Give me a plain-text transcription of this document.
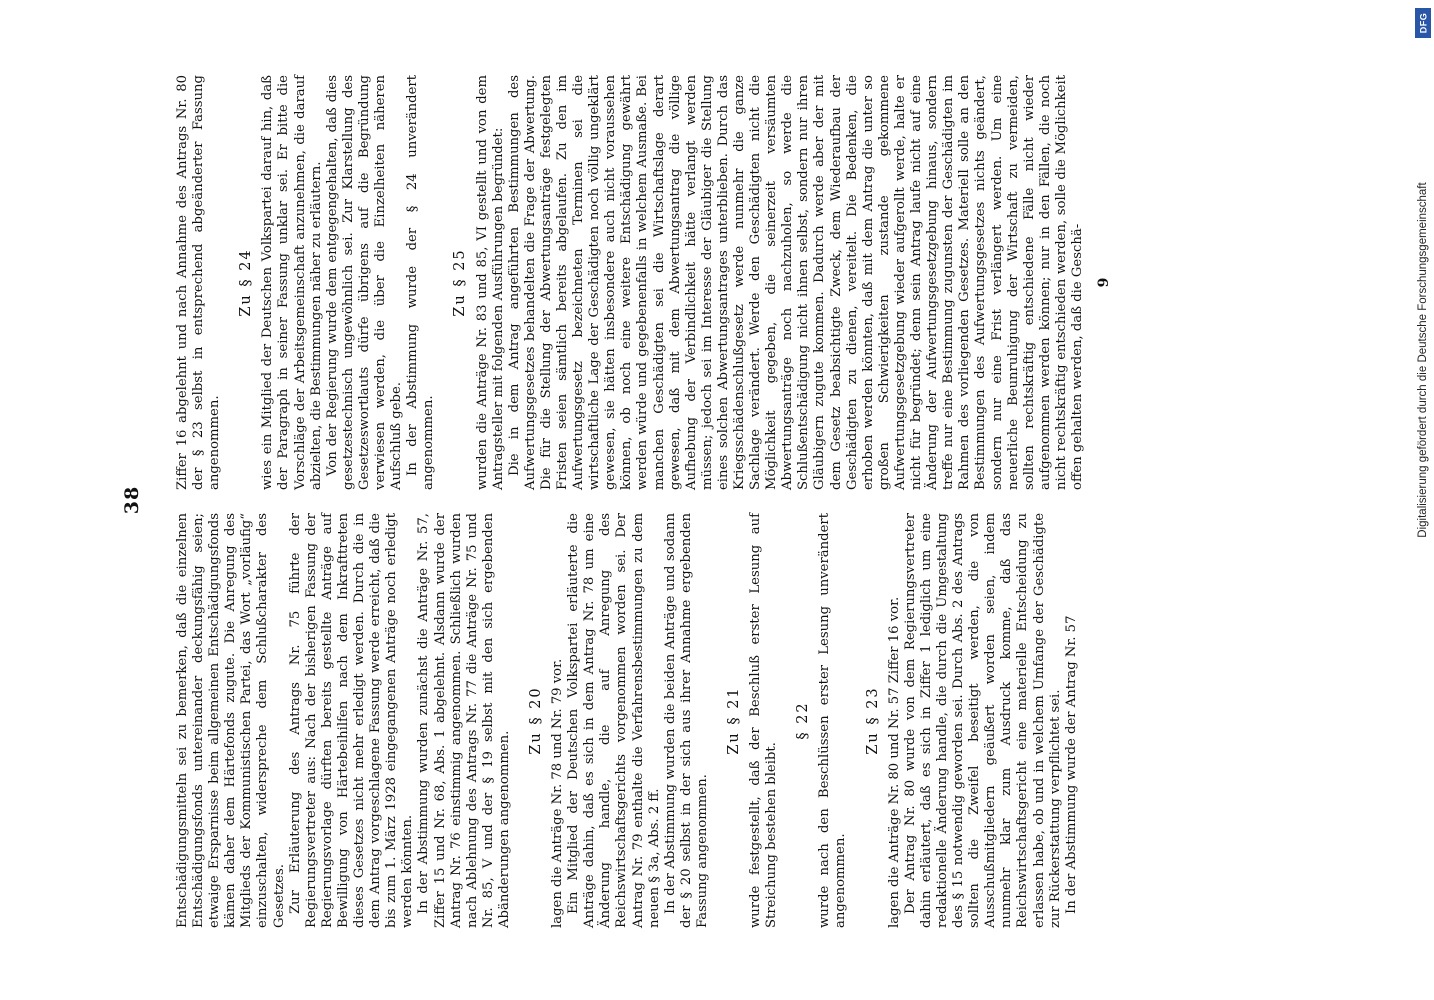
38

Entschädigungsmitteln sei zu bemerken, daß die einzelnen Entschädigungsfonds untereinander deckungsfähig seien; etwaige Ersparnisse beim allgemeinen Entschädigungsfonds kämen daher dem Härtefonds zugute. Die Anregung des Mitglieds der Kommunistischen Partei, das Wort „vorläufig“ einzuschalten, widerspreche dem Schlußcharakter des Gesetzes. Zur Erläuterung des Antrags Nr. 75 führte der Regierungsvertreter aus: Nach der bisherigen Fassung der Regierungsvorlage dürften bereits gestellte Anträge auf Bewilligung von Härtebeihilfen nach dem Inkrafttreten dieses Gesetzes nicht mehr erledigt werden. Durch die in dem Antrag vorgeschlagene Fassung werde erreicht, daß die bis zum 1. März 1928 eingegangenen Anträge noch erledigt werden könnten. In der Abstimmung wurden zunächst die Anträge Nr. 57, Ziffer 15 und Nr. 68, Abs. 1 abgelehnt. Alsdann wurde der Antrag Nr. 76 einstimmig angenommen. Schließlich wurden nach Ablehnung des Antrags Nr. 77 die Anträge Nr. 75 und Nr. 85, V und der § 19 selbst mit den sich ergebenden Abänderungen angenommen.

Zu § 20 lagen die Anträge Nr. 78 und Nr. 79 vor. Ein Mitglied der Deutschen Volkspartei erläuterte die Anträge dahin, daß es sich in dem Antrag Nr. 78 um eine Änderung handle, die auf Anregung des Reichswirtschaftsgerichts vorgenommen worden sei. Der Antrag Nr. 79 enthalte die Verfahrensbestimmungen zu dem neuen § 3a, Abs. 2 ff. In der Abstimmung wurden die beiden Anträge und sodann der § 20 selbst in der sich aus ihrer Annahme ergebenden Fassung angenommen.

Zu § 21 wurde festgestellt, daß der Beschluß erster Lesung auf Streichung bestehen bleibt.

§ 22 wurde nach den Beschlüssen erster Lesung unverändert angenommen.

Zu § 23 lagen die Anträge Nr. 80 und Nr. 57 Ziffer 16 vor. Der Antrag Nr. 80 wurde von dem Regierungsvertreter dahin erläutert, daß es sich in Ziffer 1 lediglich um eine redaktionelle Änderung handle, die durch die Umgestaltung des § 15 notwendig geworden sei. Durch Abs. 2 des Antrags sollten die Zweifel beseitigt werden, die von Ausschußmitgliedern geäußert worden seien, indem nunmehr klar zum Ausdruck komme, daß das Reichswirtschaftsgericht eine materielle Entscheidung zu erlassen habe, ob und in welchem Umfange der Geschädigte zur Rückerstattung verpflichtet sei. In der Abstimmung wurde der Antrag Nr. 57

Ziffer 16 abgelehnt und nach Annahme des Antrags Nr. 80 der § 23 selbst in entsprechend abgeänderter Fassung angenommen.

Zu § 24 wies ein Mitglied der Deutschen Volkspartei darauf hin, daß der Paragraph in seiner Fassung unklar sei. Er bitte die Vorschläge der Arbeitsgemeinschaft anzunehmen, die darauf abzielten, die Bestimmungen näher zu erläutern. Von der Regierung wurde dem entgegengehalten, daß dies gesetzestechnisch ungewöhnlich sei. Zur Klarstellung des Gesetzeswortlauts dürfe übrigens auf die Begründung verwiesen werden, die über die Einzelheiten näheren Aufschluß gebe. In der Abstimmung wurde der § 24 unverändert angenommen.

Zu § 25 wurden die Anträge Nr. 83 und 85, VI gestellt und von dem Antragsteller mit folgenden Ausführungen begründet: Die in dem Antrag angeführten Bestimmungen des Aufwertungsgesetzes behandelten die Frage der Abwertung. Die für die Stellung der Abwertungsanträge festgelegten Fristen seien sämtlich bereits abgelaufen. Zu den im Aufwertungsgesetz bezeichneten Terminen sei die wirtschaftliche Lage der Geschädigten noch völlig ungeklärt gewesen, sie hätten insbesondere auch nicht voraussehen können, ob noch eine weitere Entschädigung gewährt werden würde und gegebenenfalls in welchem Ausmaße. Bei manchen Geschädigten sei die Wirtschaftslage derart gewesen, daß mit dem Abwertungsantrag die völlige Aufhebung der Verbindlichkeit hätte verlangt werden müssen; jedoch sei im Interesse der Gläubiger die Stellung eines solchen Abwertungsantrages unterblieben. Durch das Kriegsschädenschlußgesetz werde nunmehr die ganze Sachlage verändert. Werde den Geschädigten nicht die Möglichkeit gegeben, die seinerzeit versäumten Abwertungsanträge noch nachzuholen, so werde die Schlußentschädigung nicht ihnen selbst, sondern nur ihren Gläubigern zugute kommen. Dadurch werde aber der mit dem Gesetz beabsichtigte Zweck, dem Wiederaufbau der Geschädigten zu dienen, vereitelt. Die Bedenken, die erhoben werden könnten, daß mit dem Antrag die unter so großen Schwierigkeiten zustande gekommene Aufwertungsgesetzgebung wieder aufgerollt werde, halte er nicht für begründet; denn sein Antrag laufe nicht auf eine Änderung der Aufwertungsgesetzgebung hinaus, sondern treffe nur eine Bestimmung zugunsten der Geschädigten im Rahmen des vorliegenden Gesetzes. Materiell solle an den Bestimmungen des Aufwertungsgesetzes nichts geändert, sondern nur eine Frist verlängert werden. Um eine neuerliche Beunruhigung der Wirtschaft zu vermeiden, sollten rechtskräftig entschiedene Fälle nicht wieder aufgenommen werden können; nur in den Fällen, die noch nicht rechtskräftig entschieden werden, solle die Möglichkeit offen gehalten werden, daß die Geschä- 9	Digitalisierung gefördert durch die Deutsche Forschungsgemeinschaft
DFG
